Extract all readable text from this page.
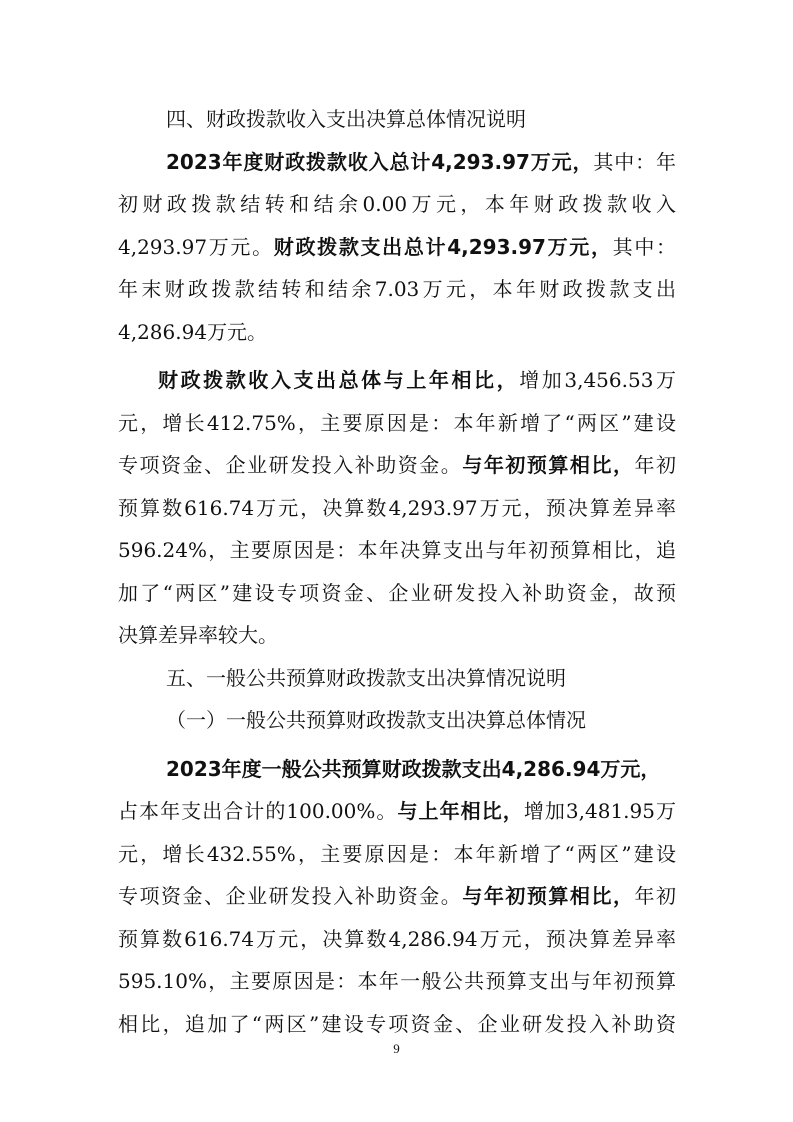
四、财政拨款收入支出决算总体情况说明
2023年度财政拨款收入总计4,293.97万元，其中：年
初财政拨款结转和结余0.00万元，本年财政拨款收入
4,293.97万元。财政拨款支出总计4,293.97万元，其中：
年末财政拨款结转和结余7.03万元，本年财政拨款支出
4,286.94万元。
财政拨款收入支出总体与上年相比，增加3,456.53万
元，增长412.75%，主要原因是：本年新增了“两区”建设
专项资金、企业研发投入补助资金。与年初预算相比，年初
预算数616.74万元，决算数4,293.97万元，预决算差异率
596.24%，主要原因是：本年决算支出与年初预算相比，追
加了“两区”建设专项资金、企业研发投入补助资金，故预
决算差异率较大。
五、一般公共预算财政拨款支出决算情况说明
（一）一般公共预算财政拨款支出决算总体情况
2023年度一般公共预算财政拨款支出4,286.94万元，
占本年支出合计的100.00%。与上年相比，增加3,481.95万
元，增长432.55%，主要原因是：本年新增了“两区”建设
专项资金、企业研发投入补助资金。与年初预算相比，年初
预算数616.74万元，决算数4,286.94万元，预决算差异率
595.10%，主要原因是：本年一般公共预算支出与年初预算
相比，追加了“两区”建设专项资金、企业研发投入补助资
9
